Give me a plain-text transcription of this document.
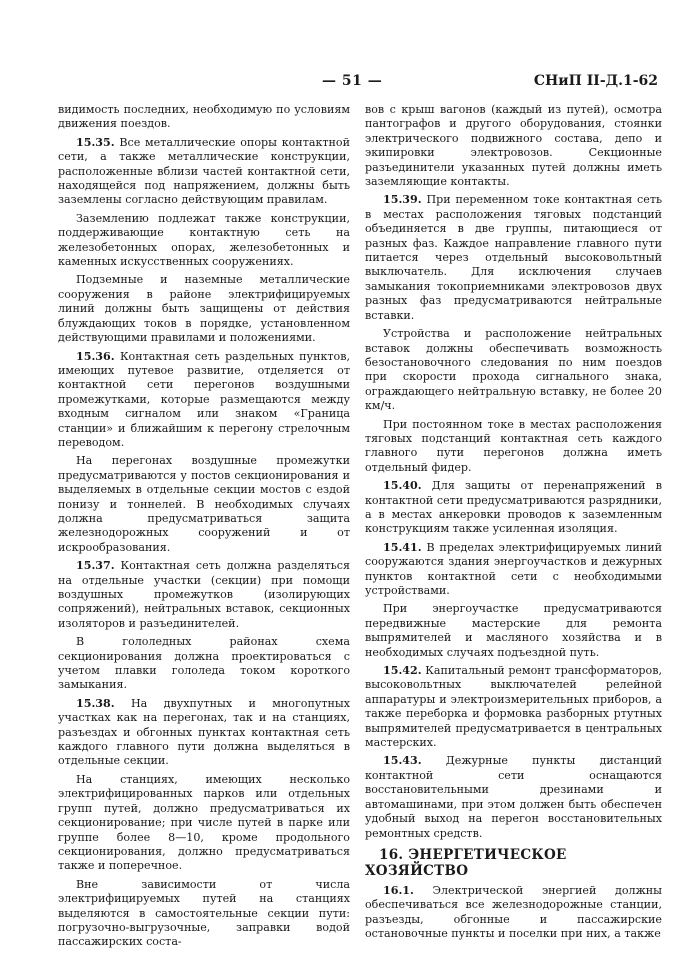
— 51 —	СНиП II-Д.1-62

видимость последних, необходимую по условиям движения поездов.

15.35. Все металлические опоры контактной сети, а также металлические конструкции, расположенные вблизи частей контактной сети, находящейся под напряжением, должны быть заземлены согласно действующим правилам.

Заземлению подлежат также конструкции, поддерживающие контактную сеть на железобетонных опорах, железобетонных и каменных искусственных сооружениях.

Подземные и наземные металлические сооружения в районе электрифицируемых линий должны быть защищены от действия блуждающих токов в порядке, установленном действующими правилами и положениями.

15.36. Контактная сеть раздельных пунктов, имеющих путевое развитие, отделяется от контактной сети перегонов воздушными промежутками, которые размещаются между входным сигналом или знаком «Граница станции» и ближайшим к перегону стрелочным переводом.

На перегонах воздушные промежутки предусматриваются у постов секционирования и выделяемых в отдельные секции мостов с ездой понизу и тоннелей. В необходимых случаях должна предусматриваться защита железнодорожных сооружений и от искрообразования.

15.37. Контактная сеть должна разделяться на отдельные участки (секции) при помощи воздушных промежутков (изолирующих сопряжений), нейтральных вставок, секционных изоляторов и разъединителей.

В гололедных районах схема секционирования должна проектироваться с учетом плавки гололеда током короткого замыкания.

15.38. На двухпутных и многопутных участках как на перегонах, так и на станциях, разъездах и обгонных пунктах контактная сеть каждого главного пути должна выделяться в отдельные секции.

На станциях, имеющих несколько электрифицированных парков или отдельных групп путей, должно предусматриваться их секционирование; при числе путей в парке или группе более 8—10, кроме продольного секционирования, должно предусматриваться также и поперечное.

Вне зависимости от числа электрифицируемых путей на станциях выделяются в самостоятельные секции пути: погрузочно-выгрузочные, заправки водой пассажирских соста-

вов с крыш вагонов (каждый из путей), осмотра пантографов и другого оборудования, стоянки электрического подвижного состава, депо и экипировки электровозов. Секционные разъединители указанных путей должны иметь заземляющие контакты.

15.39. При переменном токе контактная сеть в местах расположения тяговых подстанций объединяется в две группы, питающиеся от разных фаз. Каждое направление главного пути питается через отдельный высоковольтный выключатель. Для исключения случаев замыкания токоприемниками электровозов двух разных фаз предусматриваются нейтральные вставки.

Устройства и расположение нейтральных вставок должны обеспечивать возможность безостановочного следования по ним поездов при скорости прохода сигнального знака, ограждающего нейтральную вставку, не более 20 км/ч.

При постоянном токе в местах расположения тяговых подстанций контактная сеть каждого главного пути перегонов должна иметь отдельный фидер.

15.40. Для защиты от перенапряжений в контактной сети предусматриваются разрядники, а в местах анкеровки проводов к заземленным конструкциям также усиленная изоляция.

15.41. В пределах электрифицируемых линий сооружаются здания энергоучастков и дежурных пунктов контактной сети с необходимыми устройствами.

При энергоучастке предусматриваются передвижные мастерские для ремонта выпрямителей и масляного хозяйства и в необходимых случаях подъездной путь.

15.42. Капитальный ремонт трансформаторов, высоковольтных выключателей релейной аппаратуры и электроизмерительных приборов, а также переборка и формовка разборных ртутных выпрямителей предусматривается в центральных мастерских.

15.43. Дежурные пункты дистанций контактной сети оснащаются восстановительными дрезинами и автомашинами, при этом должен быть обеспечен удобный выход на перегон восстановительных ремонтных средств.

16. ЭНЕРГЕТИЧЕСКОЕ ХОЗЯЙСТВО

16.1. Электрической энергией должны обеспечиваться все железнодорожные станции, разъезды, обгонные и пассажирские остановочные пункты и поселки при них, а также
